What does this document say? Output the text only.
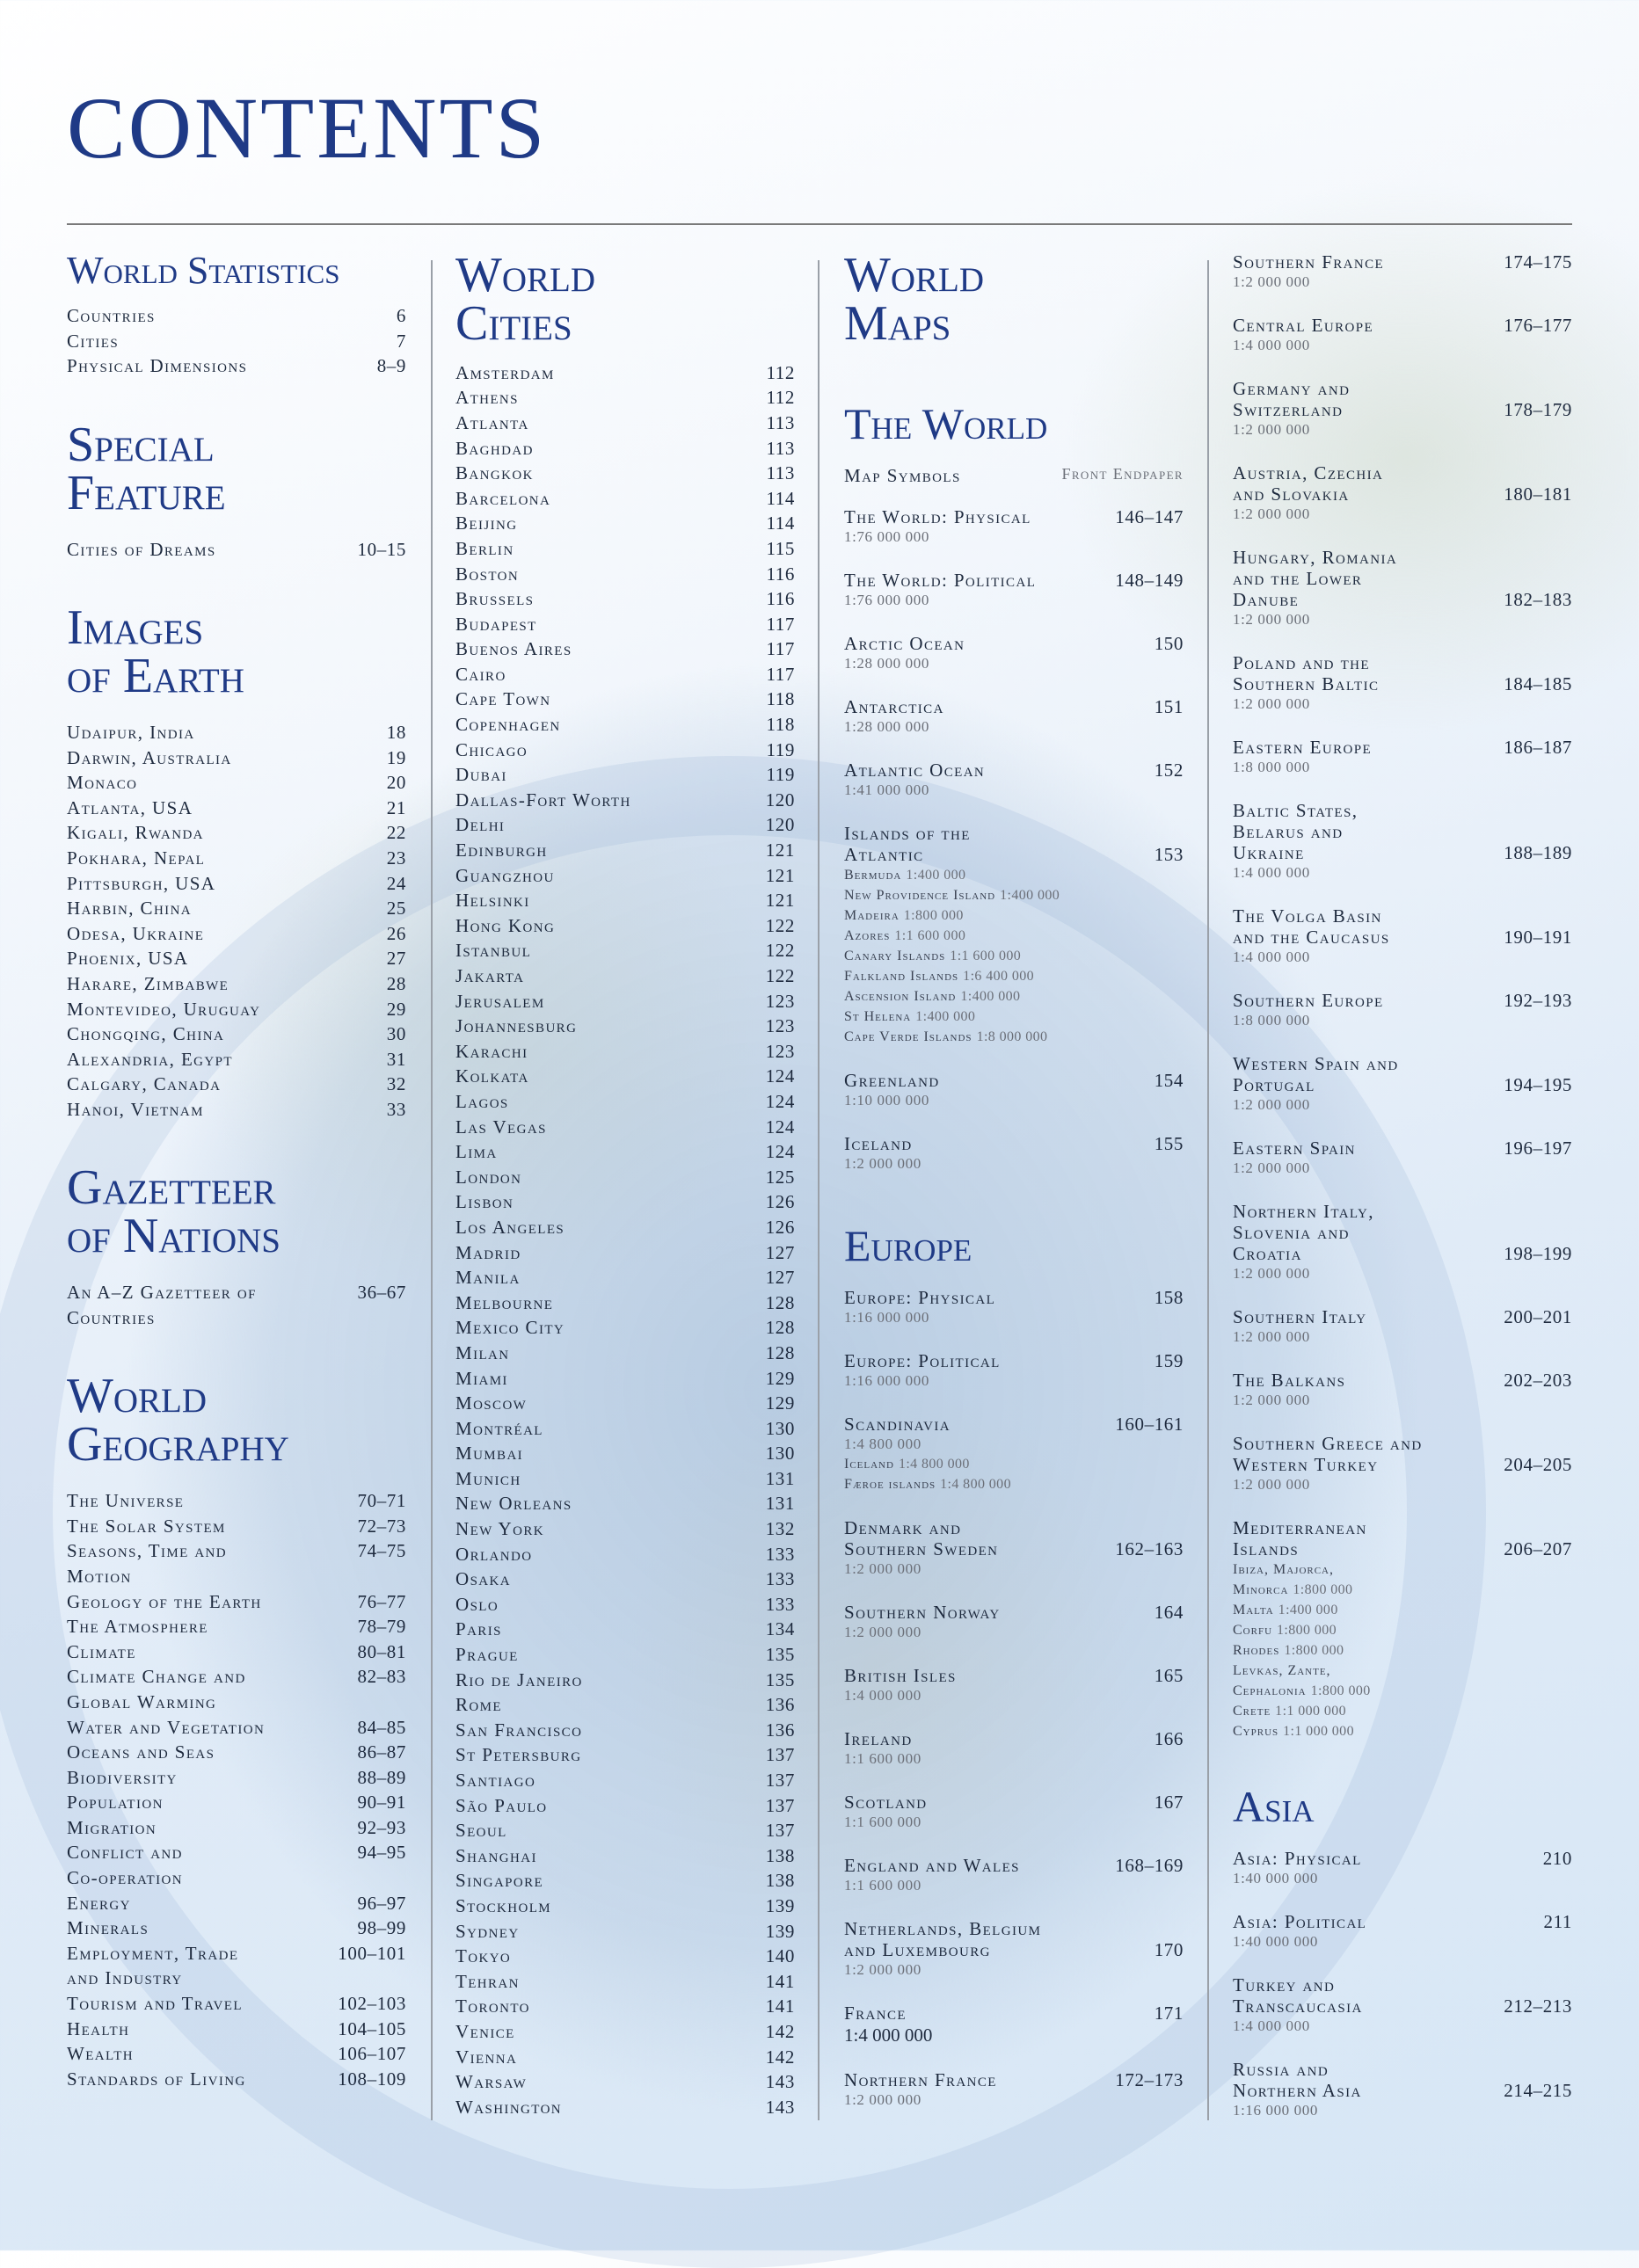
CONTENTS
World Statistics
Countries	6
Cities	7
Physical Dimensions	8–9
Special
Feature
Cities of Dreams	10–15
Images
of Earth
Udaipur, India	18
Darwin, Australia	19
Monaco	20
Atlanta, USA	21
Kigali, Rwanda	22
Pokhara, Nepal	23
Pittsburgh, USA	24
Harbin, China	25
Odesa, Ukraine	26
Phoenix, USA	27
Harare, Zimbabwe	28
Montevideo, Uruguay	29
Chongqing, China	30
Alexandria, Egypt	31
Calgary, Canada	32
Hanoi, Vietnam	33
Gazetteer
of Nations
An A–Z Gazetteer of
Countries
36–67
World
Geography
The Universe	70–71
The Solar System	72–73
Seasons, Time and
Motion
74–75
Geology of the Earth	76–77
The Atmosphere	78–79
Climate	80–81
Climate Change and
Global Warming
82–83
Water and Vegetation	84–85
Oceans and Seas	86–87
Biodiversity	88–89
Population	90–91
Migration	92–93
Conflict and
Co-operation
94–95
Energy	96–97
Minerals	98–99
Employment, Trade
and Industry
100–101
Tourism and Travel	102–103
Health	104–105
Wealth	106–107
Standards of Living	108–109
World
Cities
Amsterdam	112
Athens	112
Atlanta	113
Baghdad	113
Bangkok	113
Barcelona	114
Beijing	114
Berlin	115
Boston	116
Brussels	116
Budapest	117
Buenos Aires	117
Cairo	117
Cape Town	118
Copenhagen	118
Chicago	119
Dubai	119
Dallas-Fort Worth	120
Delhi	120
Edinburgh	121
Guangzhou	121
Helsinki	121
Hong Kong	122
Istanbul	122
Jakarta	122
Jerusalem	123
Johannesburg	123
Karachi	123
Kolkata	124
Lagos	124
Las Vegas	124
Lima	124
London	125
Lisbon	126
Los Angeles	126
Madrid	127
Manila	127
Melbourne	128
Mexico City	128
Milan	128
Miami	129
Moscow	129
Montréal	130
Mumbai	130
Munich	131
New Orleans	131
New York	132
Orlando	133
Osaka	133
Oslo	133
Paris	134
Prague	135
Rio de Janeiro	135
Rome	136
San Francisco	136
St Petersburg	137
Santiago	137
São Paulo	137
Seoul	137
Shanghai	138
Singapore	138
Stockholm	139
Sydney	139
Tokyo	140
Tehran	141
Toronto	141
Venice	142
Vienna	142
Warsaw	143
Washington	143
World
Maps
The World
Map Symbols	Front Endpaper
The World: Physical	146–147
1:76 000 000
The World: Political	148–149
1:76 000 000
Arctic Ocean	150
1:28 000 000
Antarctica	151
1:28 000 000
Atlantic Ocean	152
1:41 000 000
Islands of the
Atlantic	153
Bermuda 1:400 000
New Providence Island 1:400 000
Madeira 1:800 000
Azores 1:1 600 000
Canary Islands 1:1 600 000
Falkland Islands 1:6 400 000
Ascension Island 1:400 000
St Helena 1:400 000
Cape Verde Islands 1:8 000 000
Greenland	154
1:10 000 000
Iceland	155
1:2 000 000
Europe
Europe: Physical	158
1:16 000 000
Europe: Political	159
1:16 000 000
Scandinavia	160–161
1:4 800 000
Iceland 1:4 800 000
Færoe islands 1:4 800 000
Denmark and
Southern Sweden	162–163
1:2 000 000
Southern Norway	164
1:2 000 000
British Isles	165
1:4 000 000
Ireland	166
1:1 600 000
Scotland	167
1:1 600 000
England and Wales	168–169
1:1 600 000
Netherlands, Belgium
and Luxembourg	170
1:2 000 000
France	171
1:4 000 000
Northern France	172–173
1:2 000 000
Southern France	174–175
1:2 000 000
Central Europe	176–177
1:4 000 000
Germany and
Switzerland	178–179
1:2 000 000
Austria, Czechia
and Slovakia	180–181
1:2 000 000
Hungary, Romania
and the Lower
Danube	182–183
1:2 000 000
Poland and the
Southern Baltic	184–185
1:2 000 000
Eastern Europe	186–187
1:8 000 000
Baltic States,
Belarus and
Ukraine	188–189
1:4 000 000
The Volga Basin
and the Caucasus	190–191
1:4 000 000
Southern Europe	192–193
1:8 000 000
Western Spain and
Portugal	194–195
1:2 000 000
Eastern Spain	196–197
1:2 000 000
Northern Italy,
Slovenia and
Croatia	198–199
1:2 000 000
Southern Italy	200–201
1:2 000 000
The Balkans	202–203
1:2 000 000
Southern Greece and
Western Turkey	204–205
1:2 000 000
Mediterranean
Islands	206–207
Ibiza, Majorca,
Minorca 1:800 000
Malta 1:400 000
Corfu 1:800 000
Rhodes 1:800 000
Levkas, Zante,
Cephalonia 1:800 000
Crete 1:1 000 000
Cyprus 1:1 000 000
Asia
Asia: Physical	210
1:40 000 000
Asia: Political	211
1:40 000 000
Turkey and
Transcaucasia	212–213
1:4 000 000
Russia and
Northern Asia	214–215
1:16 000 000
